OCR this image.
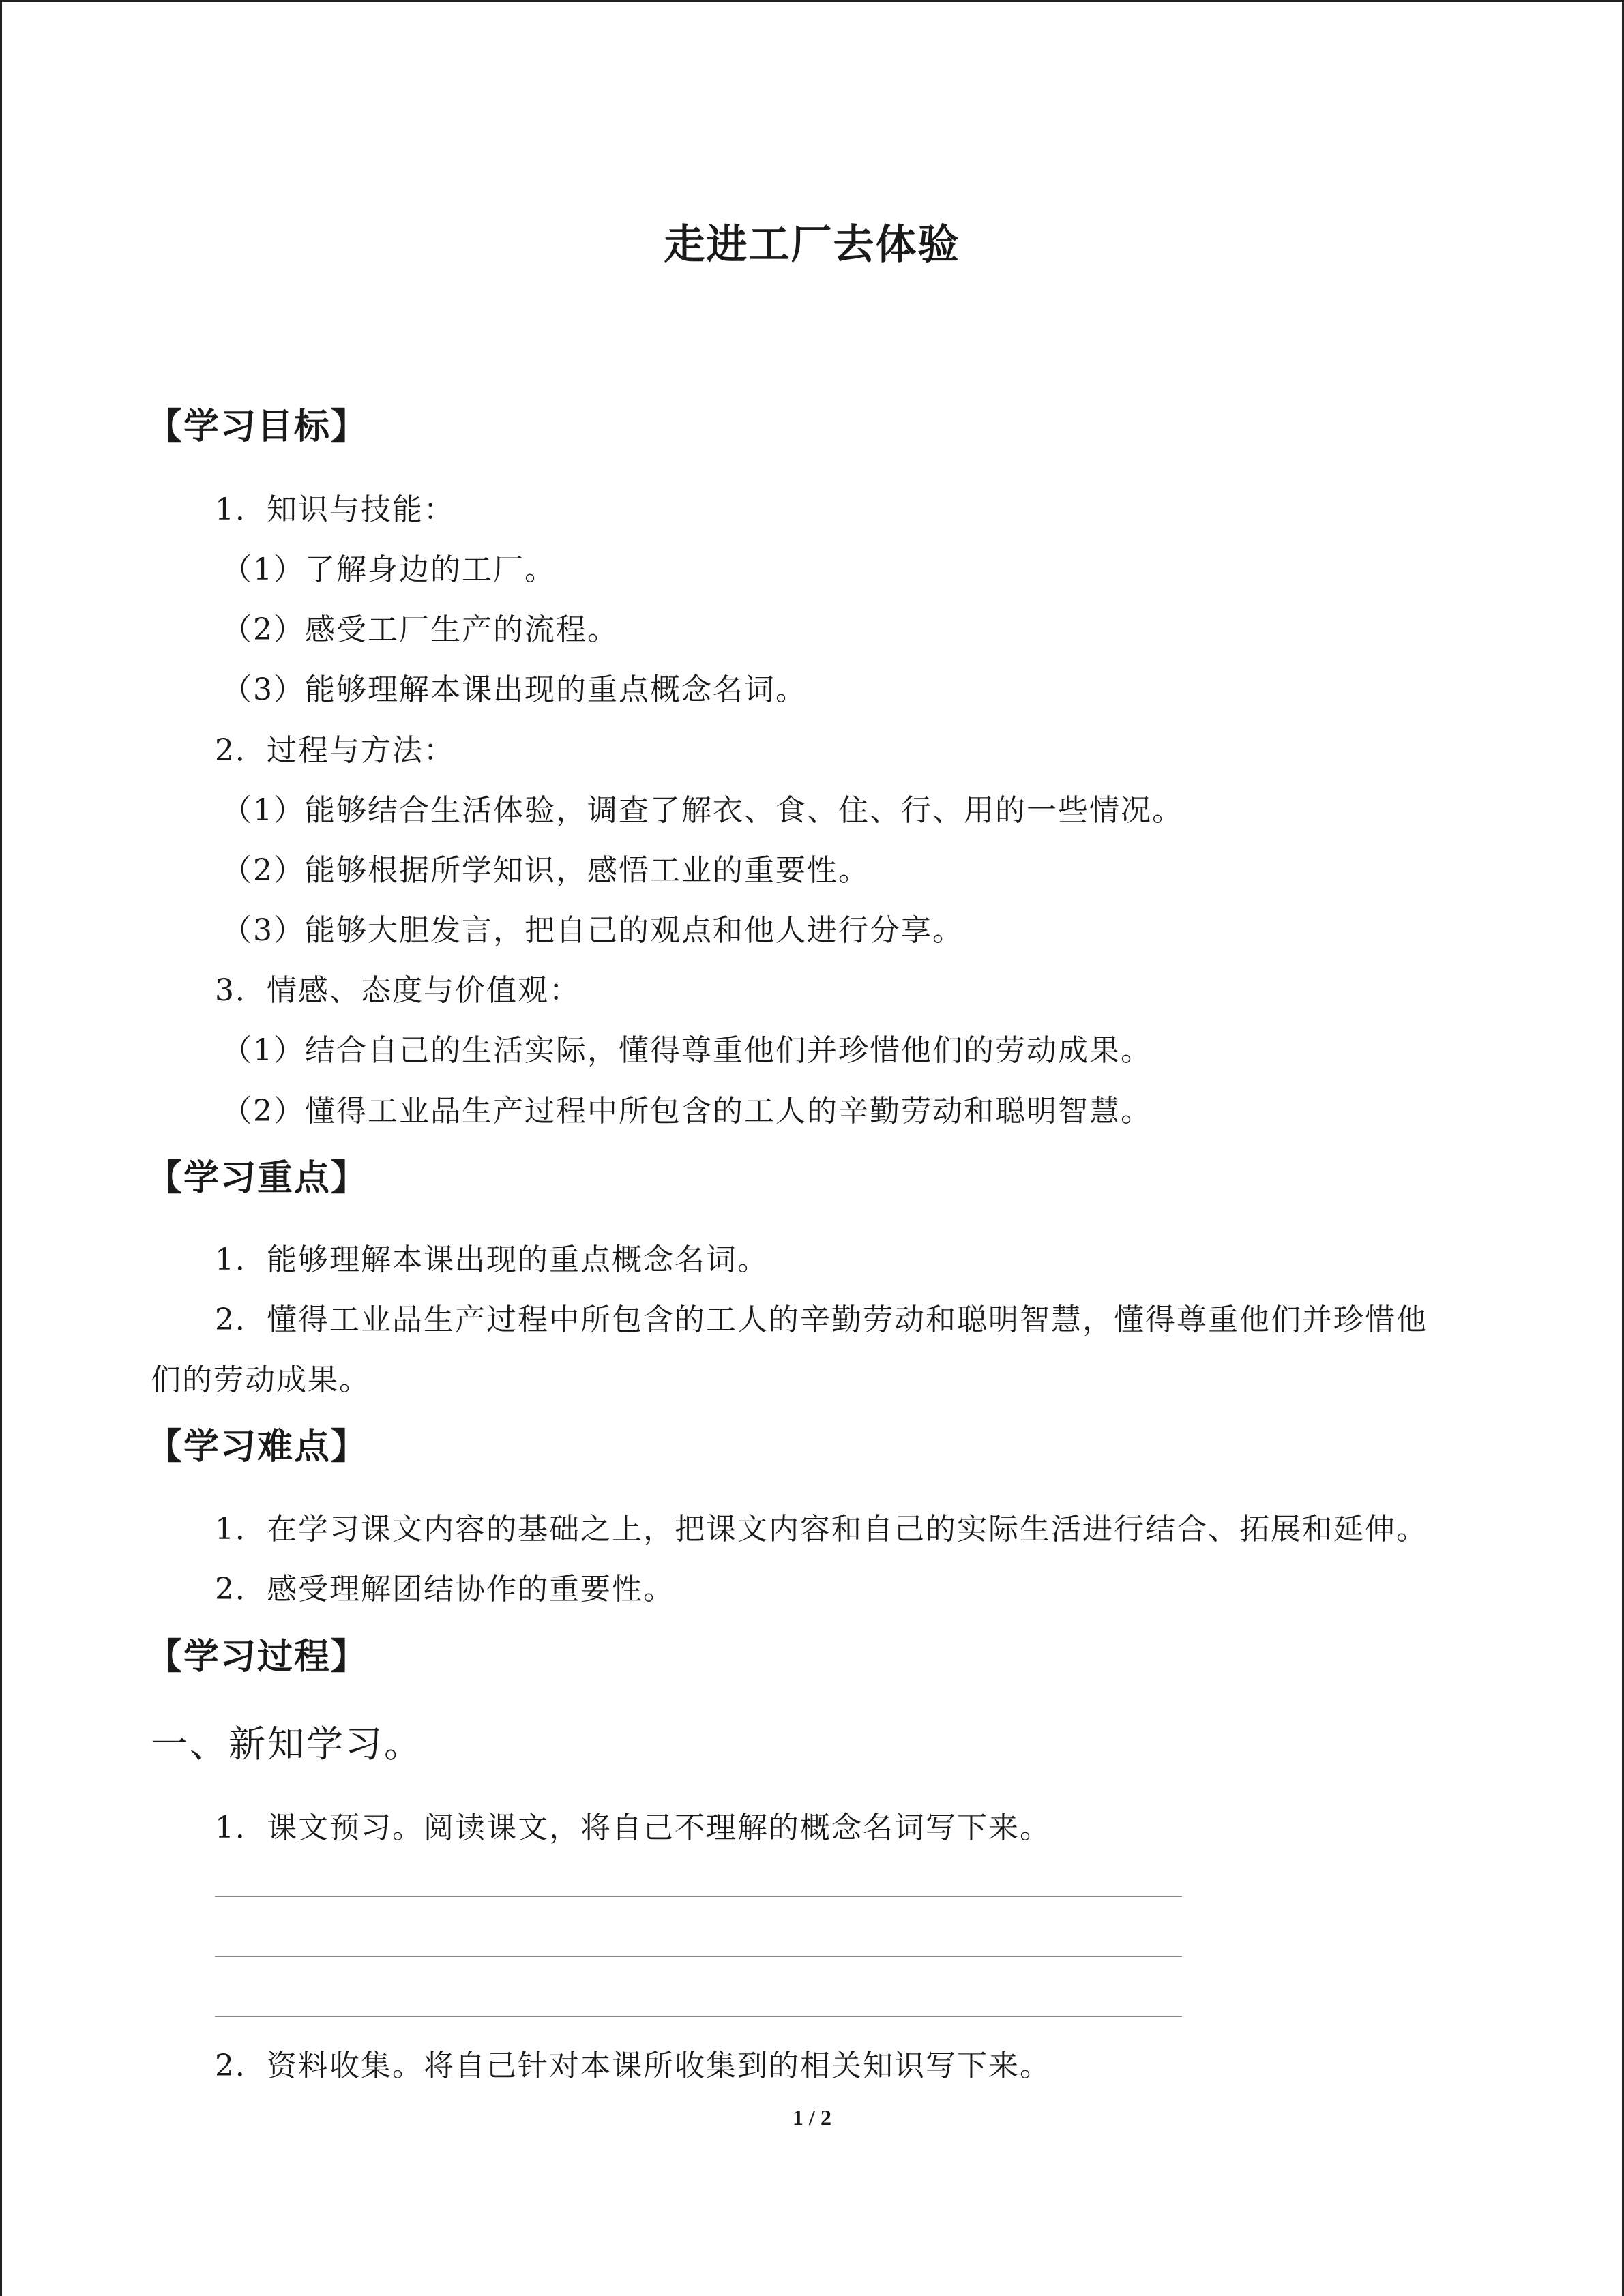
走进工厂去体验
【学习目标】
1．知识与技能：
（1）了解身边的工厂。
（2）感受工厂生产的流程。
（3）能够理解本课出现的重点概念名词。
2．过程与方法：
（1）能够结合生活体验，调查了解衣、食、住、行、用的一些情况。
（2）能够根据所学知识，感悟工业的重要性。
（3）能够大胆发言，把自己的观点和他人进行分享。
3．情感、态度与价值观：
（1）结合自己的生活实际，懂得尊重他们并珍惜他们的劳动成果。
（2）懂得工业品生产过程中所包含的工人的辛勤劳动和聪明智慧。
【学习重点】
1．能够理解本课出现的重点概念名词。
2．懂得工业品生产过程中所包含的工人的辛勤劳动和聪明智慧，懂得尊重他们并珍惜他
们的劳动成果。
【学习难点】
1．在学习课文内容的基础之上，把课文内容和自己的实际生活进行结合、拓展和延伸。
2．感受理解团结协作的重要性。
【学习过程】
一、新知学习。
1．课文预习。阅读课文，将自己不理解的概念名词写下来。
2．资料收集。将自己针对本课所收集到的相关知识写下来。
1 / 2
